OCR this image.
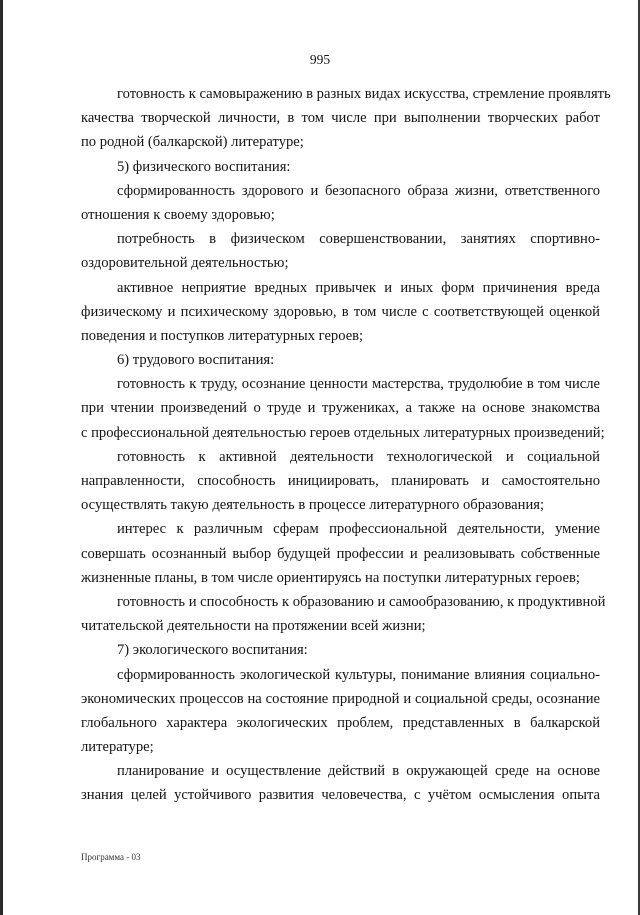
995
готовность к самовыражению в разных видах искусства, стремление проявлять
качества творческой личности, в том числе при выполнении творческих работ
по родной (балкарской) литературе;
5) физического воспитания:
сформированность здорового и безопасного образа жизни, ответственного
отношения к своему здоровью;
потребность в физическом совершенствовании, занятиях спортивно-
оздоровительной деятельностью;
активное неприятие вредных привычек и иных форм причинения вреда
физическому и психическому здоровью, в том числе с соответствующей оценкой
поведения и поступков литературных героев;
6) трудового воспитания:
готовность к труду, осознание ценности мастерства, трудолюбие в том числе
при чтении произведений о труде и тружениках, а также на основе знакомства
с профессиональной деятельностью героев отдельных литературных произведений;
готовность к активной деятельности технологической и социальной
направленности, способность инициировать, планировать и самостоятельно
осуществлять такую деятельность в процессе литературного образования;
интерес к различным сферам профессиональной деятельности, умение
совершать осознанный выбор будущей профессии и реализовывать собственные
жизненные планы, в том числе ориентируясь на поступки литературных героев;
готовность и способность к образованию и самообразованию, к продуктивной
читательской деятельности на протяжении всей жизни;
7) экологического воспитания:
сформированность экологической культуры, понимание влияния социально-
экономических процессов на состояние природной и социальной среды, осознание
глобального характера экологических проблем, представленных в балкарской
литературе;
планирование и осуществление действий в окружающей среде на основе
знания целей устойчивого развития человечества, с учётом осмысления опыта
Программа - 03
